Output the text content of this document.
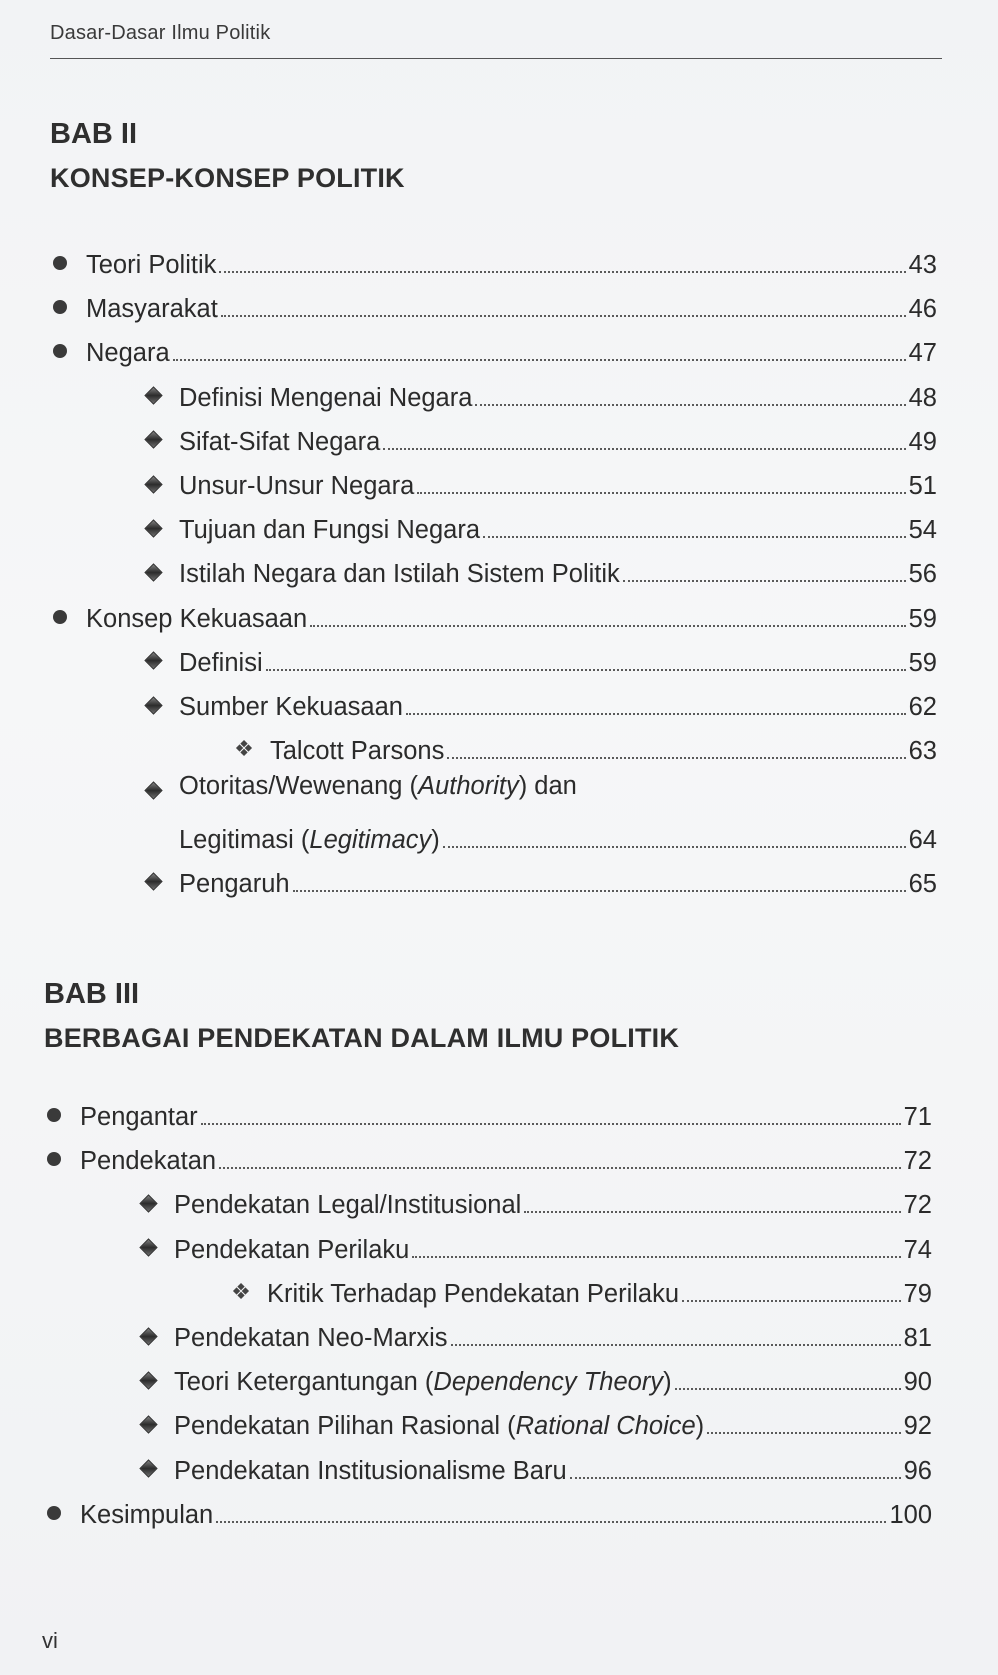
Dasar-Dasar Ilmu Politik
BAB II
KONSEP-KONSEP POLITIK
Teori Politik	43
Masyarakat	46
Negara	47
Definisi Mengenai Negara	48
Sifat-Sifat Negara	49
Unsur-Unsur Negara	51
Tujuan dan Fungsi Negara	54
Istilah Negara dan Istilah Sistem Politik	56
Konsep Kekuasaan	59
Definisi	59
Sumber Kekuasaan	62
❖ Talcott Parsons	63
Otoritas/Wewenang (Authority) dan
Legitimasi (Legitimacy)	64
Pengaruh	65
BAB III
BERBAGAI PENDEKATAN DALAM ILMU POLITIK
Pengantar	71
Pendekatan	72
Pendekatan Legal/Institusional	72
Pendekatan Perilaku	74
❖ Kritik Terhadap Pendekatan Perilaku	79
Pendekatan Neo-Marxis	81
Teori Ketergantungan (Dependency Theory)	90
Pendekatan Pilihan Rasional (Rational Choice)	92
Pendekatan Institusionalisme Baru	96
Kesimpulan	100
vi
